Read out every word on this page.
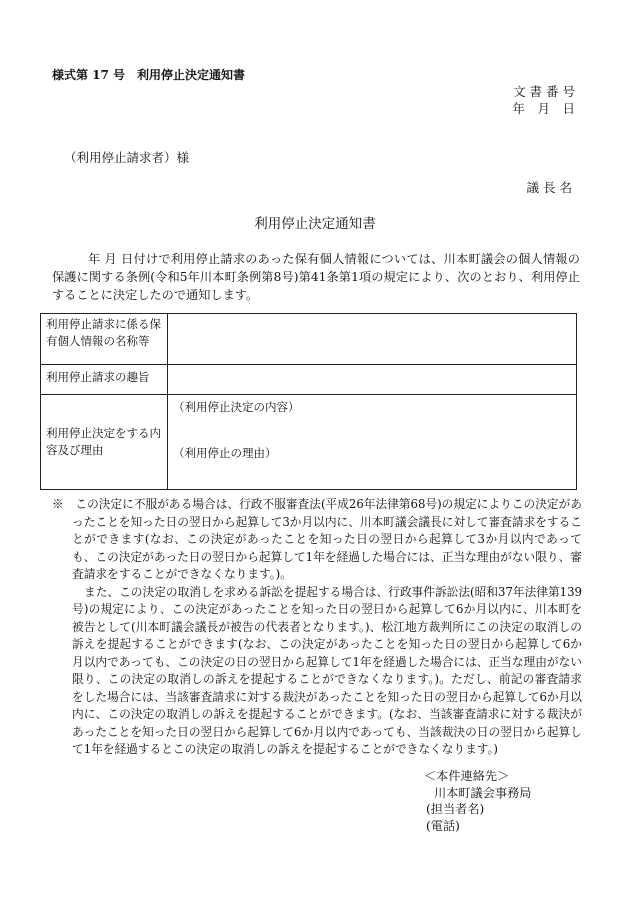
様式第 17 号　利用停止決定通知書
文 書 番 号
年　月　日
（利用停止請求者）様
議 長 名
利用停止決定通知書
年 月 日付けで利用停止請求のあった保有個人情報については、川本町議会の個人情報の保護に関する条例(令和5年川本町条例第8号)第41条第1項の規定により、次のとおり、利用停止することに決定したので通知します。
利用停止請求に係る保有個人情報の名称等	
利用停止請求の趣旨	
利用停止決定をする内容及び理由	（利用停止決定の内容）
（利用停止の理由）

※　この決定に不服がある場合は、行政不服審査法(平成26年法律第68号)の規定によりこの決定があったことを知った日の翌日から起算して3か月以内に、川本町議会議長に対して審査請求をすることができます(なお、この決定があったことを知った日の翌日から起算して3か月以内であっても、この決定があった日の翌日から起算して1年を経過した場合には、正当な理由がない限り、審査請求をすることができなくなります。)。

また、この決定の取消しを求める訴訟を提起する場合は、行政事件訴訟法(昭和37年法律第139号)の規定により、この決定があったことを知った日の翌日から起算して6か月以内に、川本町を被告として(川本町議会議長が被告の代表者となります。)、松江地方裁判所にこの決定の取消しの訴えを提起することができます(なお、この決定があったことを知った日の翌日から起算して6か月以内であっても、この決定の日の翌日から起算して1年を経過した場合には、正当な理由がない限り、この決定の取消しの訴えを提起することができなくなります。)。ただし、前記の審査請求をした場合には、当該審査請求に対する裁決があったことを知った日の翌日から起算して6か月以内に、この決定の取消しの訴えを提起することができます。(なお、当該審査請求に対する裁決があったことを知った日の翌日から起算して6か月以内であっても、当該裁決の日の翌日から起算して1年を経過するとこの決定の取消しの訴えを提起することができなくなります。)

＜本件連絡先＞
川本町議会事務局
(担当者名)
(電話)
